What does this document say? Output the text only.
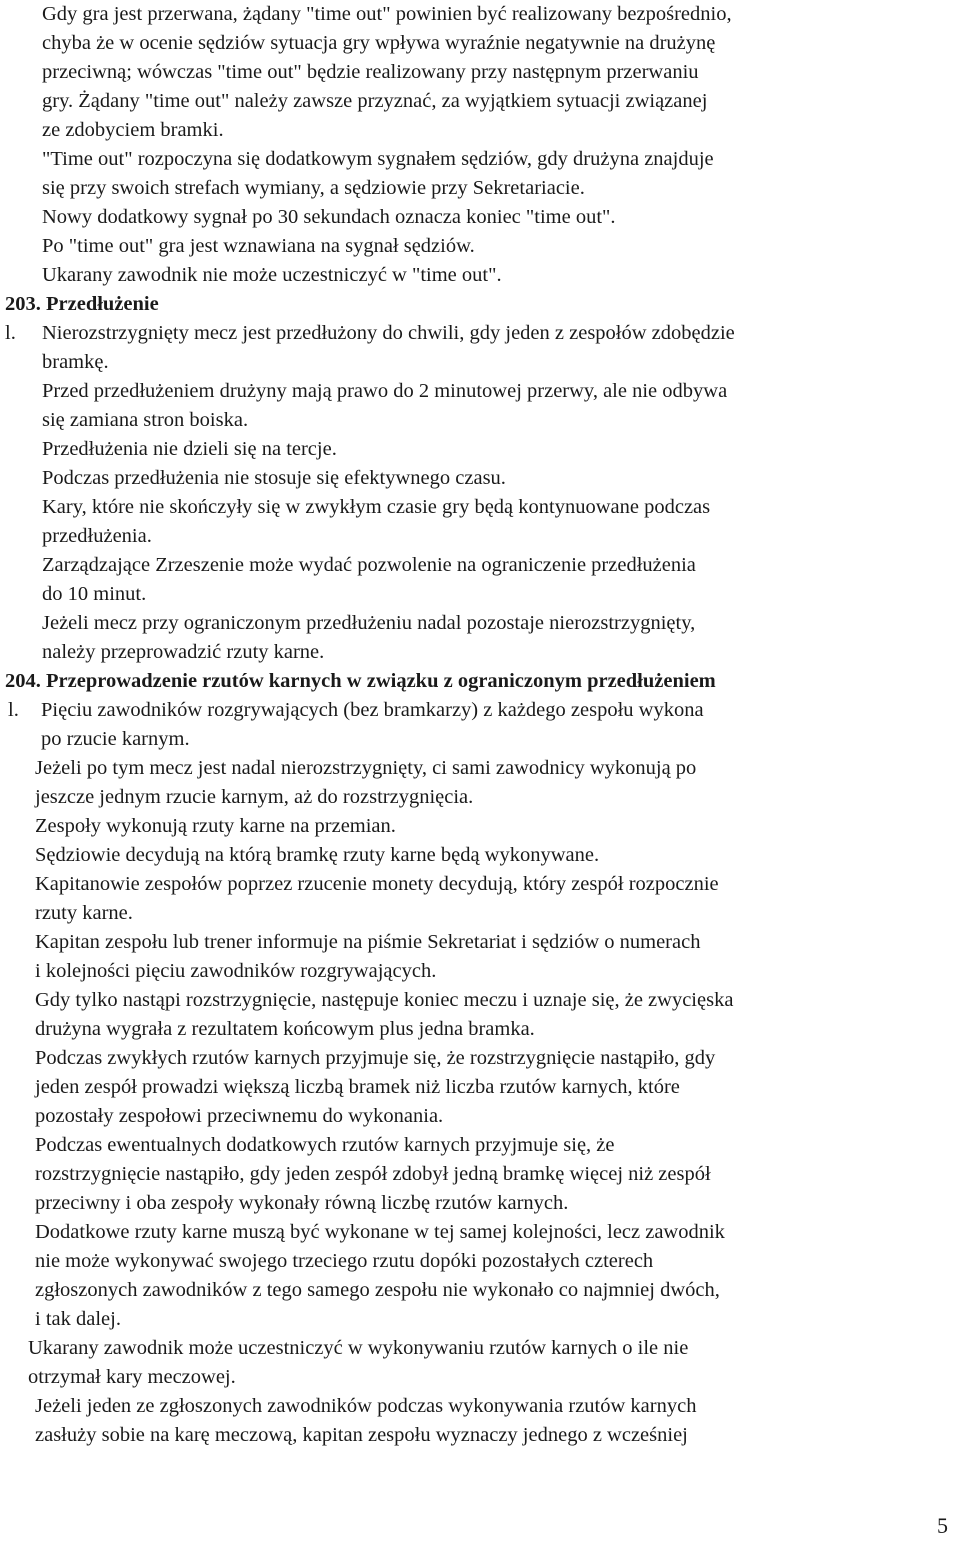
Gdy gra jest przerwana, żądany "time out" powinien być realizowany bezpośrednio,
chyba że w ocenie sędziów sytuacja gry wpływa wyraźnie negatywnie na drużynę
przeciwną; wówczas "time out" będzie realizowany przy następnym przerwaniu
gry. Żądany "time out" należy zawsze przyznać, za wyjątkiem sytuacji związanej
ze zdobyciem bramki.
"Time out" rozpoczyna się dodatkowym sygnałem sędziów, gdy drużyna znajduje
się przy swoich strefach wymiany, a sędziowie przy Sekretariacie.
Nowy dodatkowy sygnał po 30 sekundach oznacza koniec "time out".
Po "time out" gra jest wznawiana na sygnał sędziów.
Ukarany zawodnik nie może uczestniczyć w "time out".
203. Przedłużenie
l. Nierozstrzygnięty mecz jest przedłużony do chwili, gdy jeden z zespołów zdobędzie
bramkę.
Przed przedłużeniem drużyny mają prawo do 2 minutowej przerwy, ale nie odbywa
się zamiana stron boiska.
Przedłużenia nie dzieli się na tercje.
Podczas przedłużenia nie stosuje się efektywnego czasu.
Kary, które nie skończyły się w zwykłym czasie gry będą kontynuowane podczas
przedłużenia.
Zarządzające Zrzeszenie może wydać pozwolenie na ograniczenie przedłużenia
do 10 minut.
Jeżeli mecz przy ograniczonym przedłużeniu nadal pozostaje nierozstrzygnięty,
należy przeprowadzić rzuty karne.
204. Przeprowadzenie rzutów karnych w związku z ograniczonym przedłużeniem
l. Pięciu zawodników rozgrywających (bez bramkarzy) z każdego zespołu wykona
po rzucie karnym.
Jeżeli po tym mecz jest nadal nierozstrzygnięty, ci sami zawodnicy wykonują po
jeszcze jednym rzucie karnym, aż do rozstrzygnięcia.
Zespoły wykonują rzuty karne na przemian.
Sędziowie decydują na którą bramkę rzuty karne będą wykonywane.
Kapitanowie zespołów poprzez rzucenie monety decydują, który zespół rozpocznie
rzuty karne.
Kapitan zespołu lub trener informuje na piśmie Sekretariat i sędziów o numerach
i kolejności pięciu zawodników rozgrywających.
Gdy tylko nastąpi rozstrzygnięcie, następuje koniec meczu i uznaje się, że zwycięska
drużyna wygrała z rezultatem końcowym plus jedna bramka.
Podczas zwykłych rzutów karnych przyjmuje się, że rozstrzygnięcie nastąpiło, gdy
jeden zespół prowadzi większą liczbą bramek niż liczba rzutów karnych, które
pozostały zespołowi przeciwnemu do wykonania.
Podczas ewentualnych dodatkowych rzutów karnych przyjmuje się, że
rozstrzygnięcie nastąpiło, gdy jeden zespół zdobył jedną bramkę więcej niż zespół
przeciwny i oba zespoły wykonały równą liczbę rzutów karnych.
Dodatkowe rzuty karne muszą być wykonane w tej samej kolejności, lecz zawodnik
nie może wykonywać swojego trzeciego rzutu dopóki pozostałych czterech
zgłoszonych zawodników z tego samego zespołu nie wykonało co najmniej dwóch,
i tak dalej.
Ukarany zawodnik może uczestniczyć w wykonywaniu rzutów karnych o ile nie
otrzymał kary meczowej.
Jeżeli jeden ze zgłoszonych zawodników podczas wykonywania rzutów karnych
zasłuży sobie na karę meczową, kapitan zespołu wyznaczy jednego z wcześniej
5
